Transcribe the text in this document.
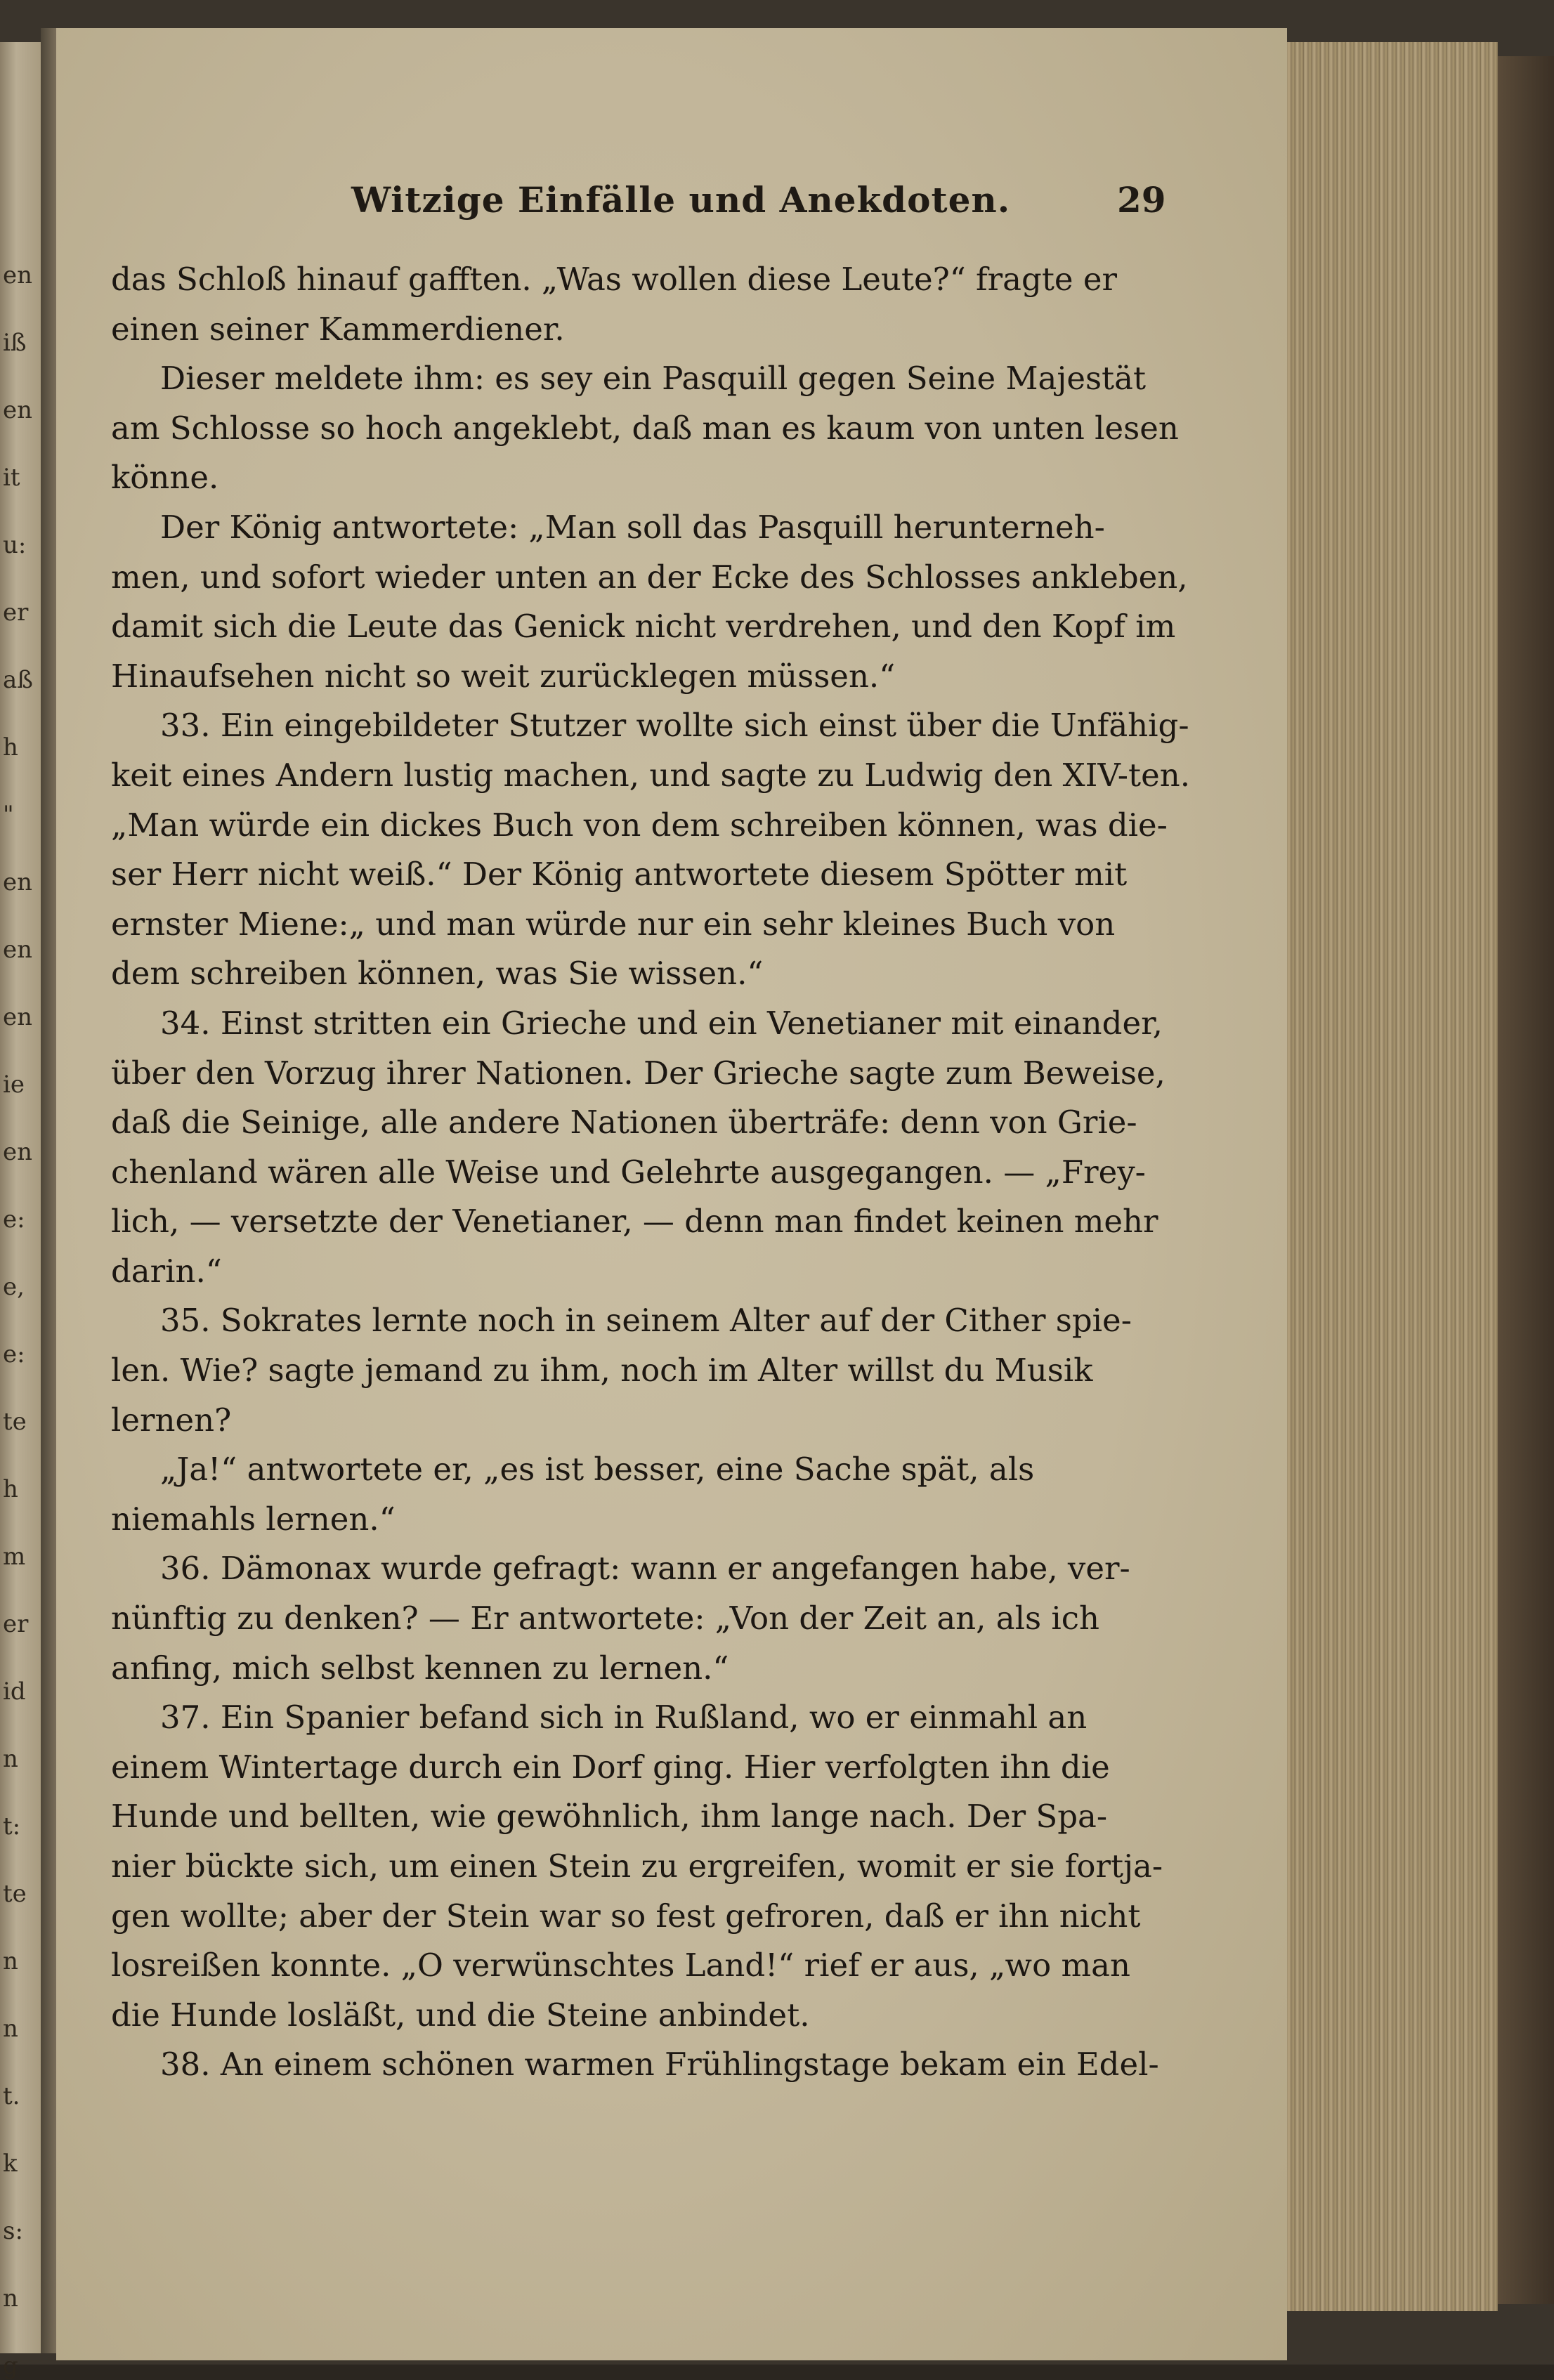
en
iß
en
it
u:
er
aß
h
"
en
en
en
ie
en
e:
e,
e:
te
h
m
er
id
n
t:
te
n
n
t.
k
s:
n
g
Witzige Einfälle und Anekdoten.	29
das Schloß hinauf gafften. „Was wollen diese Leute?“ fragte er
einen seiner Kammerdiener.
Dieser meldete ihm: es sey ein Pasquill gegen Seine Majestät
am Schlosse so hoch angeklebt, daß man es kaum von unten lesen
könne.
Der König antwortete: „Man soll das Pasquill herunterneh-
men, und sofort wieder unten an der Ecke des Schlosses ankleben,
damit sich die Leute das Genick nicht verdrehen, und den Kopf im
Hinaufsehen nicht so weit zurücklegen müssen.“
33. Ein eingebildeter Stutzer wollte sich einst über die Unfähig-
keit eines Andern lustig machen, und sagte zu Ludwig den XIV-ten.
„Man würde ein dickes Buch von dem schreiben können, was die-
ser Herr nicht weiß.“ Der König antwortete diesem Spötter mit
ernster Miene:„ und man würde nur ein sehr kleines Buch von
dem schreiben können, was Sie wissen.“
34. Einst stritten ein Grieche und ein Venetianer mit einander,
über den Vorzug ihrer Nationen. Der Grieche sagte zum Beweise,
daß die Seinige, alle andere Nationen überträfe: denn von Grie-
chenland wären alle Weise und Gelehrte ausgegangen. — „Frey-
lich, — versetzte der Venetianer, — denn man findet keinen mehr
darin.“
35. Sokrates lernte noch in seinem Alter auf der Cither spie-
len. Wie? sagte jemand zu ihm, noch im Alter willst du Musik
lernen?
„Ja!“ antwortete er, „es ist besser, eine Sache spät, als
niemahls lernen.“
36. Dämonax wurde gefragt: wann er angefangen habe, ver-
nünftig zu denken? — Er antwortete: „Von der Zeit an, als ich
anfing, mich selbst kennen zu lernen.“
37. Ein Spanier befand sich in Rußland, wo er einmahl an
einem Wintertage durch ein Dorf ging. Hier verfolgten ihn die
Hunde und bellten, wie gewöhnlich, ihm lange nach. Der Spa-
nier bückte sich, um einen Stein zu ergreifen, womit er sie fortja-
gen wollte; aber der Stein war so fest gefroren, daß er ihn nicht
losreißen konnte. „O verwünschtes Land!“ rief er aus, „wo man
die Hunde losläßt, und die Steine anbindet.
38. An einem schönen warmen Frühlingstage bekam ein Edel-
